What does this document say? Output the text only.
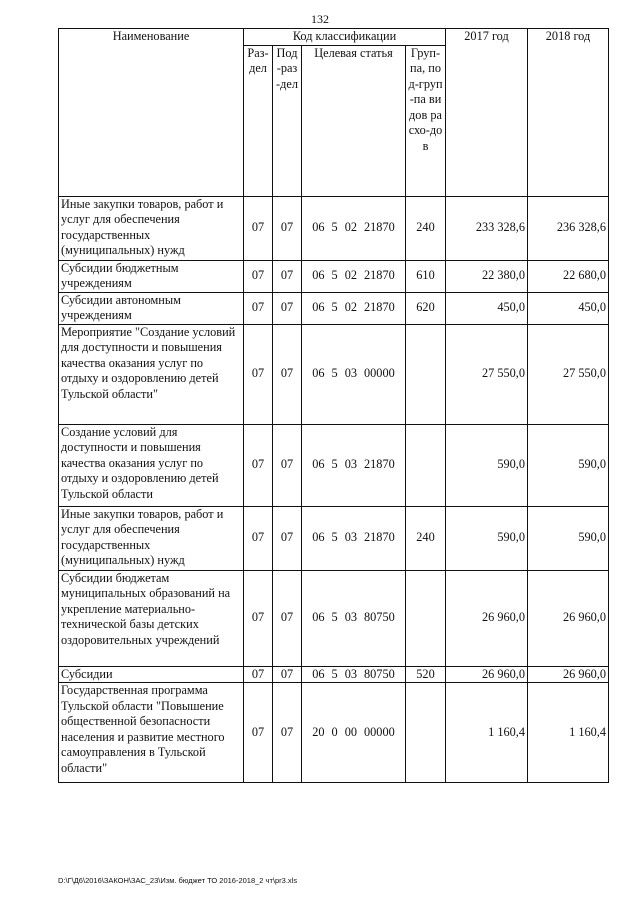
132
Наименование	Код классификации				2017 год	2018 год
	Раз-дел	Под-раз-дел	Целевая статья	Груп-па, под-груп-па видов расхо-дов		
Иные закупки товаров, работ и услуг для обеспечения государственных (муниципальных) нужд	07	07	06 5 02 21870	240	233 328,6	236 328,6
Субсидии бюджетным учреждениям	07	07	06 5 02 21870	610	22 380,0	22 680,0
Субсидии автономным учреждениям	07	07	06 5 02 21870	620	450,0	450,0
Мероприятие "Создание условий для доступности и повышения качества оказания услуг по отдыху и оздоровлению детей Тульской области"	07	07	06 5 03 00000		27 550,0	27 550,0
Создание условий для доступности и повышения качества оказания услуг по отдыху и оздоровлению детей Тульской области	07	07	06 5 03 21870		590,0	590,0
Иные закупки товаров, работ и услуг для обеспечения государственных (муниципальных) нужд	07	07	06 5 03 21870	240	590,0	590,0
Субсидии бюджетам муниципальных образований на укрепление материально-технической базы детских оздоровительных учреждений	07	07	06 5 03 80750		26 960,0	26 960,0
Субсидии	07	07	06 5 03 80750	520	26 960,0	26 960,0
Государственная программа Тульской области "Повышение общественной безопасности населения и развитие местного самоуправления в Тульской области"	07	07	20 0 00 00000		1 160,4	1 160,4
D:\Г\Д6\2016\ЗАКОН\ЗАС_23\Изм. бюджет ТО 2016-2018_2 чт\pr3.xls
